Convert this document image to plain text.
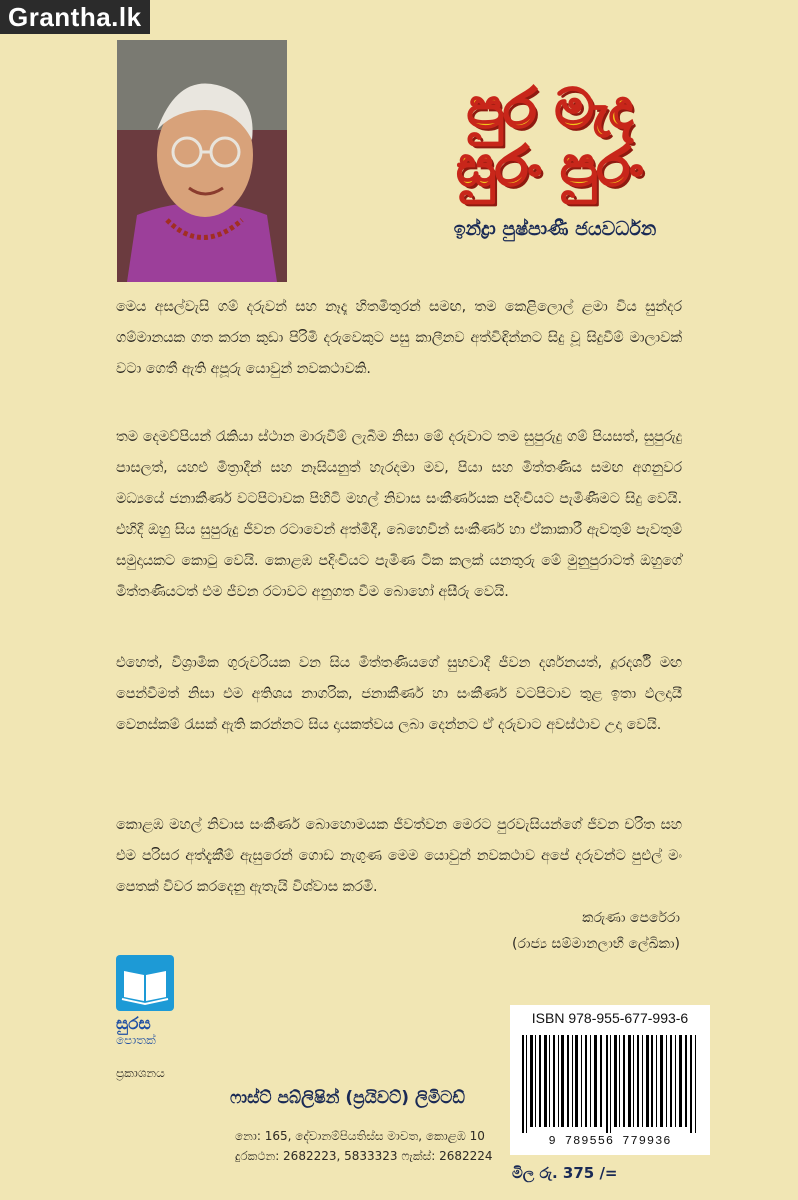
Grantha.lk
පුර මැද
සුරං පුරං
ඉන්ද්‍රා පුෂ්පාණී ජයවර්ධන
මෙය අසල්වැසි ගම් දරුවන් සහ නෑදෑ හිතමිතුරන් සමඟ, තම කෙළිලොල් ළමා විය සුන්දර ගම්මානයක ගත කරන කුඩා පිරිමි දරුවෙකුට පසු කාලීනව අත්විඳින්නට සිදු වූ සිදුවීම් මාලාවක් වටා ගෙතී ඇති අපූරු යොවුන් නවකථාවකි.
තම දෙමව්පියන් රැකියා ස්ථාන මාරුවීම් ලැබීම නිසා මේ දරුවාට තම සුපුරුදු ගම් පියසත්, සුපුරුදු පාසලත්, යහළු මිත්‍රාදීන් සහ නෑසියනුත් හැරදමා මව, පියා සහ මිත්තණිය සමඟ අගනුවර මධ්‍යයේ ජනාකීර්ණ වටපිටාවක පිහිටි මහල් නිවාස සංකීර්ණයක පදිංචියට පැමිණීමට සිදු වෙයි. එහිදී ඔහු සිය සුපුරුදු ජීවන රටාවෙන් අත්මිදී, බෙහෙවින් සංකීර්ණ හා ඒකාකාරී ඇවතුම් පැවතුම් සමුදායකට කොටු වෙයි. කොළඹ පදිංචියට පැමිණ ටික කලක් යනතුරු මේ මුනුපුරාටත් ඔහුගේ මිත්තණියටත් එම ජීවන රටාවට අනුගත වීම බොහෝ අසීරු වෙයි.
එහෙත්, විශ්‍රාමික ගුරුවරියක වන සිය මිත්තණියගේ සුභවාදී ජීවන දර්ශනයත්, දූරදර්ශී මඟ පෙන්වීමත් නිසා එම අතිශය නාගරික, ජනාකීර්ණ හා සංකීර්ණ වටපිටාව තුළ ඉතා ඵලදායී වෙනස්කම් රැසක් ඇති කරන්නට සිය දායකත්වය ලබා දෙන්නට ඒ දරුවාට අවස්ථාව උදා වෙයි.
කොළඹ මහල් නිවාස සංකීර්ණ බොහොමයක ජීවත්වන මෙරට පුරවැසියන්ගේ ජීවන චරිත සහ එම පරිසර අත්දැකීම් ඇසුරෙන් ගොඩ නැගුණ මෙම යොවුන් නවකථාව අපේ දරුවන්ට පුළුල් මං පෙතක් විවර කරදෙනු ඇතැයි විශ්වාස කරමි.
කරුණා පෙරේරා
(රාජ්‍ය සම්මානලාභී ලේඛිකා)
සුරස
පොතක්
ප්‍රකාශනය
ෆාස්ට් පබ්ලිෂින් (ප්‍රයිවට්) ලිමිටඩ්
නො: 165, දේවානම්පියතිස්ස මාවත, කොළඹ 10
දුරකථන: 2682223, 5833323 ෆැක්ස්: 2682224
ISBN 978-955-677-993-6
9 789556 779936
මිල රු. 375 /=
